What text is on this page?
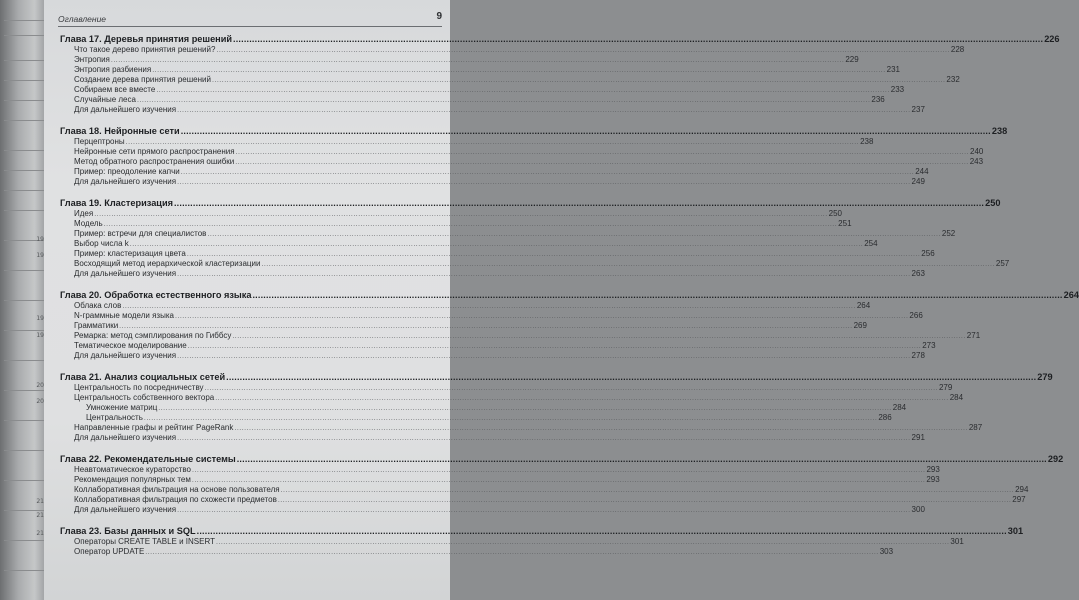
19
19
19
19
20
20
21
21
21
Оглавление	9
Глава 17. Деревья принятия решений ............................................................................................................................................................................................................................................................................................................ 226
Что такое дерево принятия решений? ............................................................................................................................................................................................................................................................................................................ 228
Энтропия ............................................................................................................................................................................................................................................................................................................ 229
Энтропия разбиения ............................................................................................................................................................................................................................................................................................................ 231
Создание дерева принятия решений ............................................................................................................................................................................................................................................................................................................ 232
Собираем все вместе ............................................................................................................................................................................................................................................................................................................ 233
Случайные леса ............................................................................................................................................................................................................................................................................................................ 236
Для дальнейшего изучения ............................................................................................................................................................................................................................................................................................................ 237
Глава 18. Нейронные сети ............................................................................................................................................................................................................................................................................................................ 238
Перцептроны ............................................................................................................................................................................................................................................................................................................ 238
Нейронные сети прямого распространения ............................................................................................................................................................................................................................................................................................................ 240
Метод обратного распространения ошибки ............................................................................................................................................................................................................................................................................................................ 243
Пример: преодоление капчи ............................................................................................................................................................................................................................................................................................................ 244
Для дальнейшего изучения ............................................................................................................................................................................................................................................................................................................ 249
Глава 19. Кластеризация ............................................................................................................................................................................................................................................................................................................ 250
Идея ............................................................................................................................................................................................................................................................................................................ 250
Модель ............................................................................................................................................................................................................................................................................................................ 251
Пример: встречи для специалистов ............................................................................................................................................................................................................................................................................................................ 252
Выбор числа k ............................................................................................................................................................................................................................................................................................................ 254
Пример: кластеризация цвета ............................................................................................................................................................................................................................................................................................................ 256
Восходящий метод иерархической кластеризации ............................................................................................................................................................................................................................................................................................................ 257
Для дальнейшего изучения ............................................................................................................................................................................................................................................................................................................ 263
Глава 20. Обработка естественного языка ............................................................................................................................................................................................................................................................................................................ 264
Облака слов ............................................................................................................................................................................................................................................................................................................ 264
N-граммные модели языка ............................................................................................................................................................................................................................................................................................................ 266
Грамматики ............................................................................................................................................................................................................................................................................................................ 269
Ремарка: метод сэмплирования по Гиббсу ............................................................................................................................................................................................................................................................................................................ 271
Тематическое моделирование ............................................................................................................................................................................................................................................................................................................ 273
Для дальнейшего изучения ............................................................................................................................................................................................................................................................................................................ 278
Глава 21. Анализ социальных сетей ............................................................................................................................................................................................................................................................................................................ 279
Центральность по посредничеству ............................................................................................................................................................................................................................................................................................................ 279
Центральность собственного вектора ............................................................................................................................................................................................................................................................................................................ 284
Умножение матриц ............................................................................................................................................................................................................................................................................................................ 284
Центральность ............................................................................................................................................................................................................................................................................................................ 286
Направленные графы и рейтинг PageRank ............................................................................................................................................................................................................................................................................................................ 287
Для дальнейшего изучения ............................................................................................................................................................................................................................................................................................................ 291
Глава 22. Рекомендательные системы ............................................................................................................................................................................................................................................................................................................ 292
Неавтоматическое кураторство ............................................................................................................................................................................................................................................................................................................ 293
Рекомендация популярных тем ............................................................................................................................................................................................................................................................................................................ 293
Коллаборативная фильтрация на основе пользователя ............................................................................................................................................................................................................................................................................................................ 294
Коллаборативная фильтрация по схожести предметов ............................................................................................................................................................................................................................................................................................................ 297
Для дальнейшего изучения ............................................................................................................................................................................................................................................................................................................ 300
Глава 23. Базы данных и SQL ............................................................................................................................................................................................................................................................................................................ 301
Операторы CREATE TABLE и INSERT ............................................................................................................................................................................................................................................................................................................ 301
Оператор UPDATE ............................................................................................................................................................................................................................................................................................................ 303
